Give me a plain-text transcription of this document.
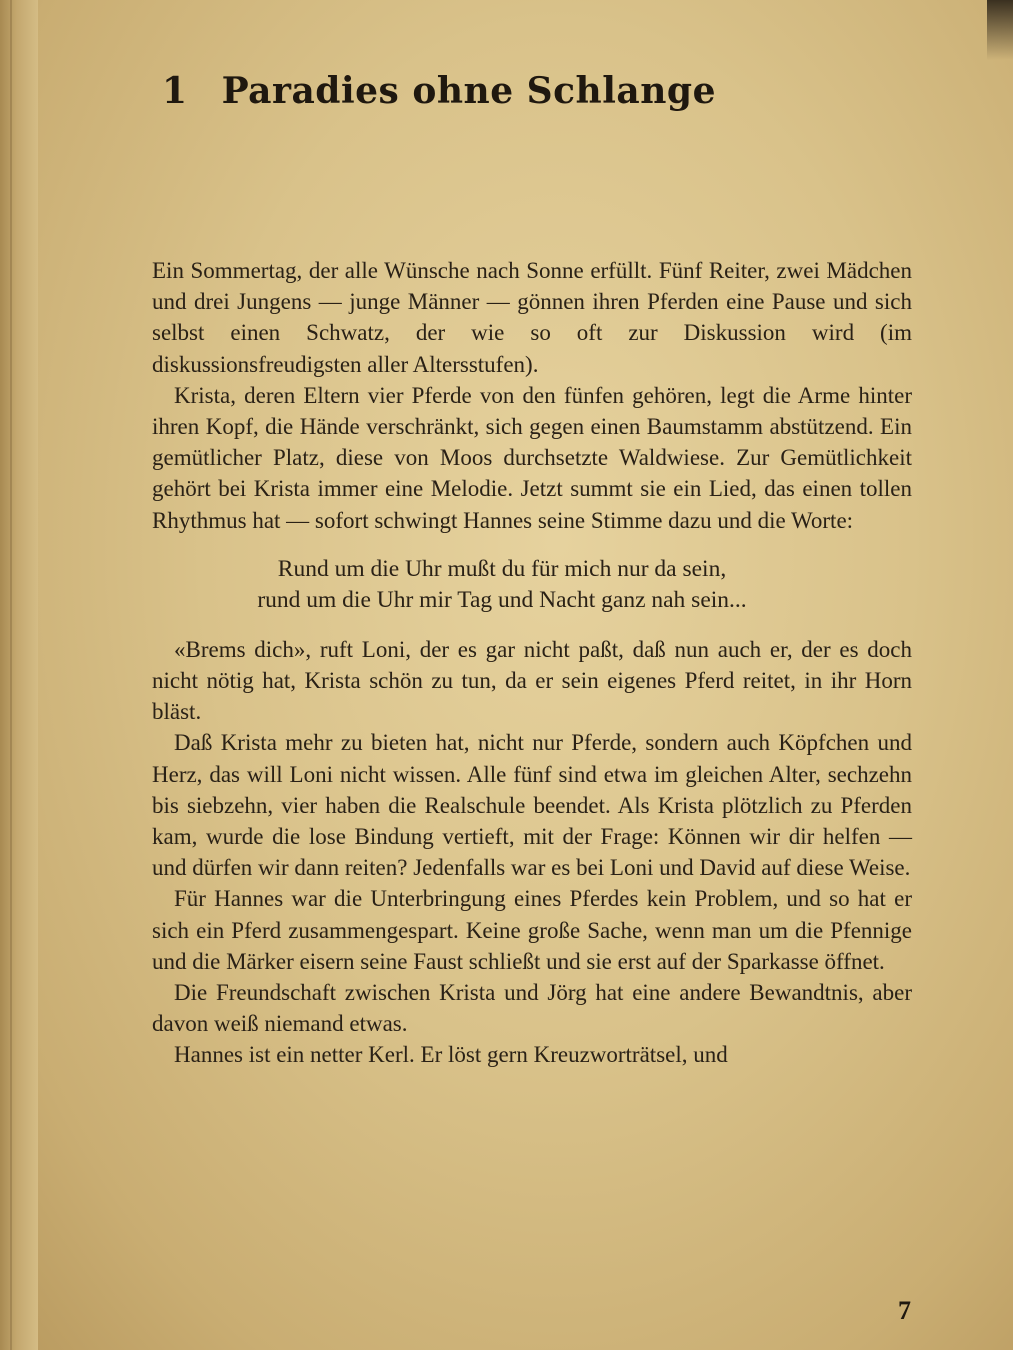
1 Paradies ohne Schlange

Ein Sommertag, der alle Wünsche nach Sonne erfüllt. Fünf Reiter, zwei Mädchen und drei Jungens — junge Männer — gönnen ihren Pferden eine Pause und sich selbst einen Schwatz, der wie so oft zur Diskussion wird (im diskussionsfreudigsten aller Altersstufen).

Krista, deren Eltern vier Pferde von den fünfen gehören, legt die Arme hinter ihren Kopf, die Hände verschränkt, sich gegen einen Baumstamm abstützend. Ein gemütlicher Platz, diese von Moos durchsetzte Waldwiese. Zur Gemütlichkeit gehört bei Krista immer eine Melodie. Jetzt summt sie ein Lied, das einen tollen Rhythmus hat — sofort schwingt Hannes seine Stimme dazu und die Worte:

Rund um die Uhr mußt du für mich nur da sein,
rund um die Uhr mir Tag und Nacht ganz nah sein...

«Brems dich», ruft Loni, der es gar nicht paßt, daß nun auch er, der es doch nicht nötig hat, Krista schön zu tun, da er sein eigenes Pferd reitet, in ihr Horn bläst.

Daß Krista mehr zu bieten hat, nicht nur Pferde, sondern auch Köpfchen und Herz, das will Loni nicht wissen. Alle fünf sind etwa im gleichen Alter, sechzehn bis siebzehn, vier haben die Realschule beendet. Als Krista plötzlich zu Pferden kam, wurde die lose Bindung vertieft, mit der Frage: Können wir dir helfen — und dürfen wir dann reiten? Jedenfalls war es bei Loni und David auf diese Weise.

Für Hannes war die Unterbringung eines Pferdes kein Problem, und so hat er sich ein Pferd zusammengespart. Keine große Sache, wenn man um die Pfennige und die Märker eisern seine Faust schließt und sie erst auf der Sparkasse öffnet.

Die Freundschaft zwischen Krista und Jörg hat eine andere Bewandtnis, aber davon weiß niemand etwas.

Hannes ist ein netter Kerl. Er löst gern Kreuzworträtsel, und

7
